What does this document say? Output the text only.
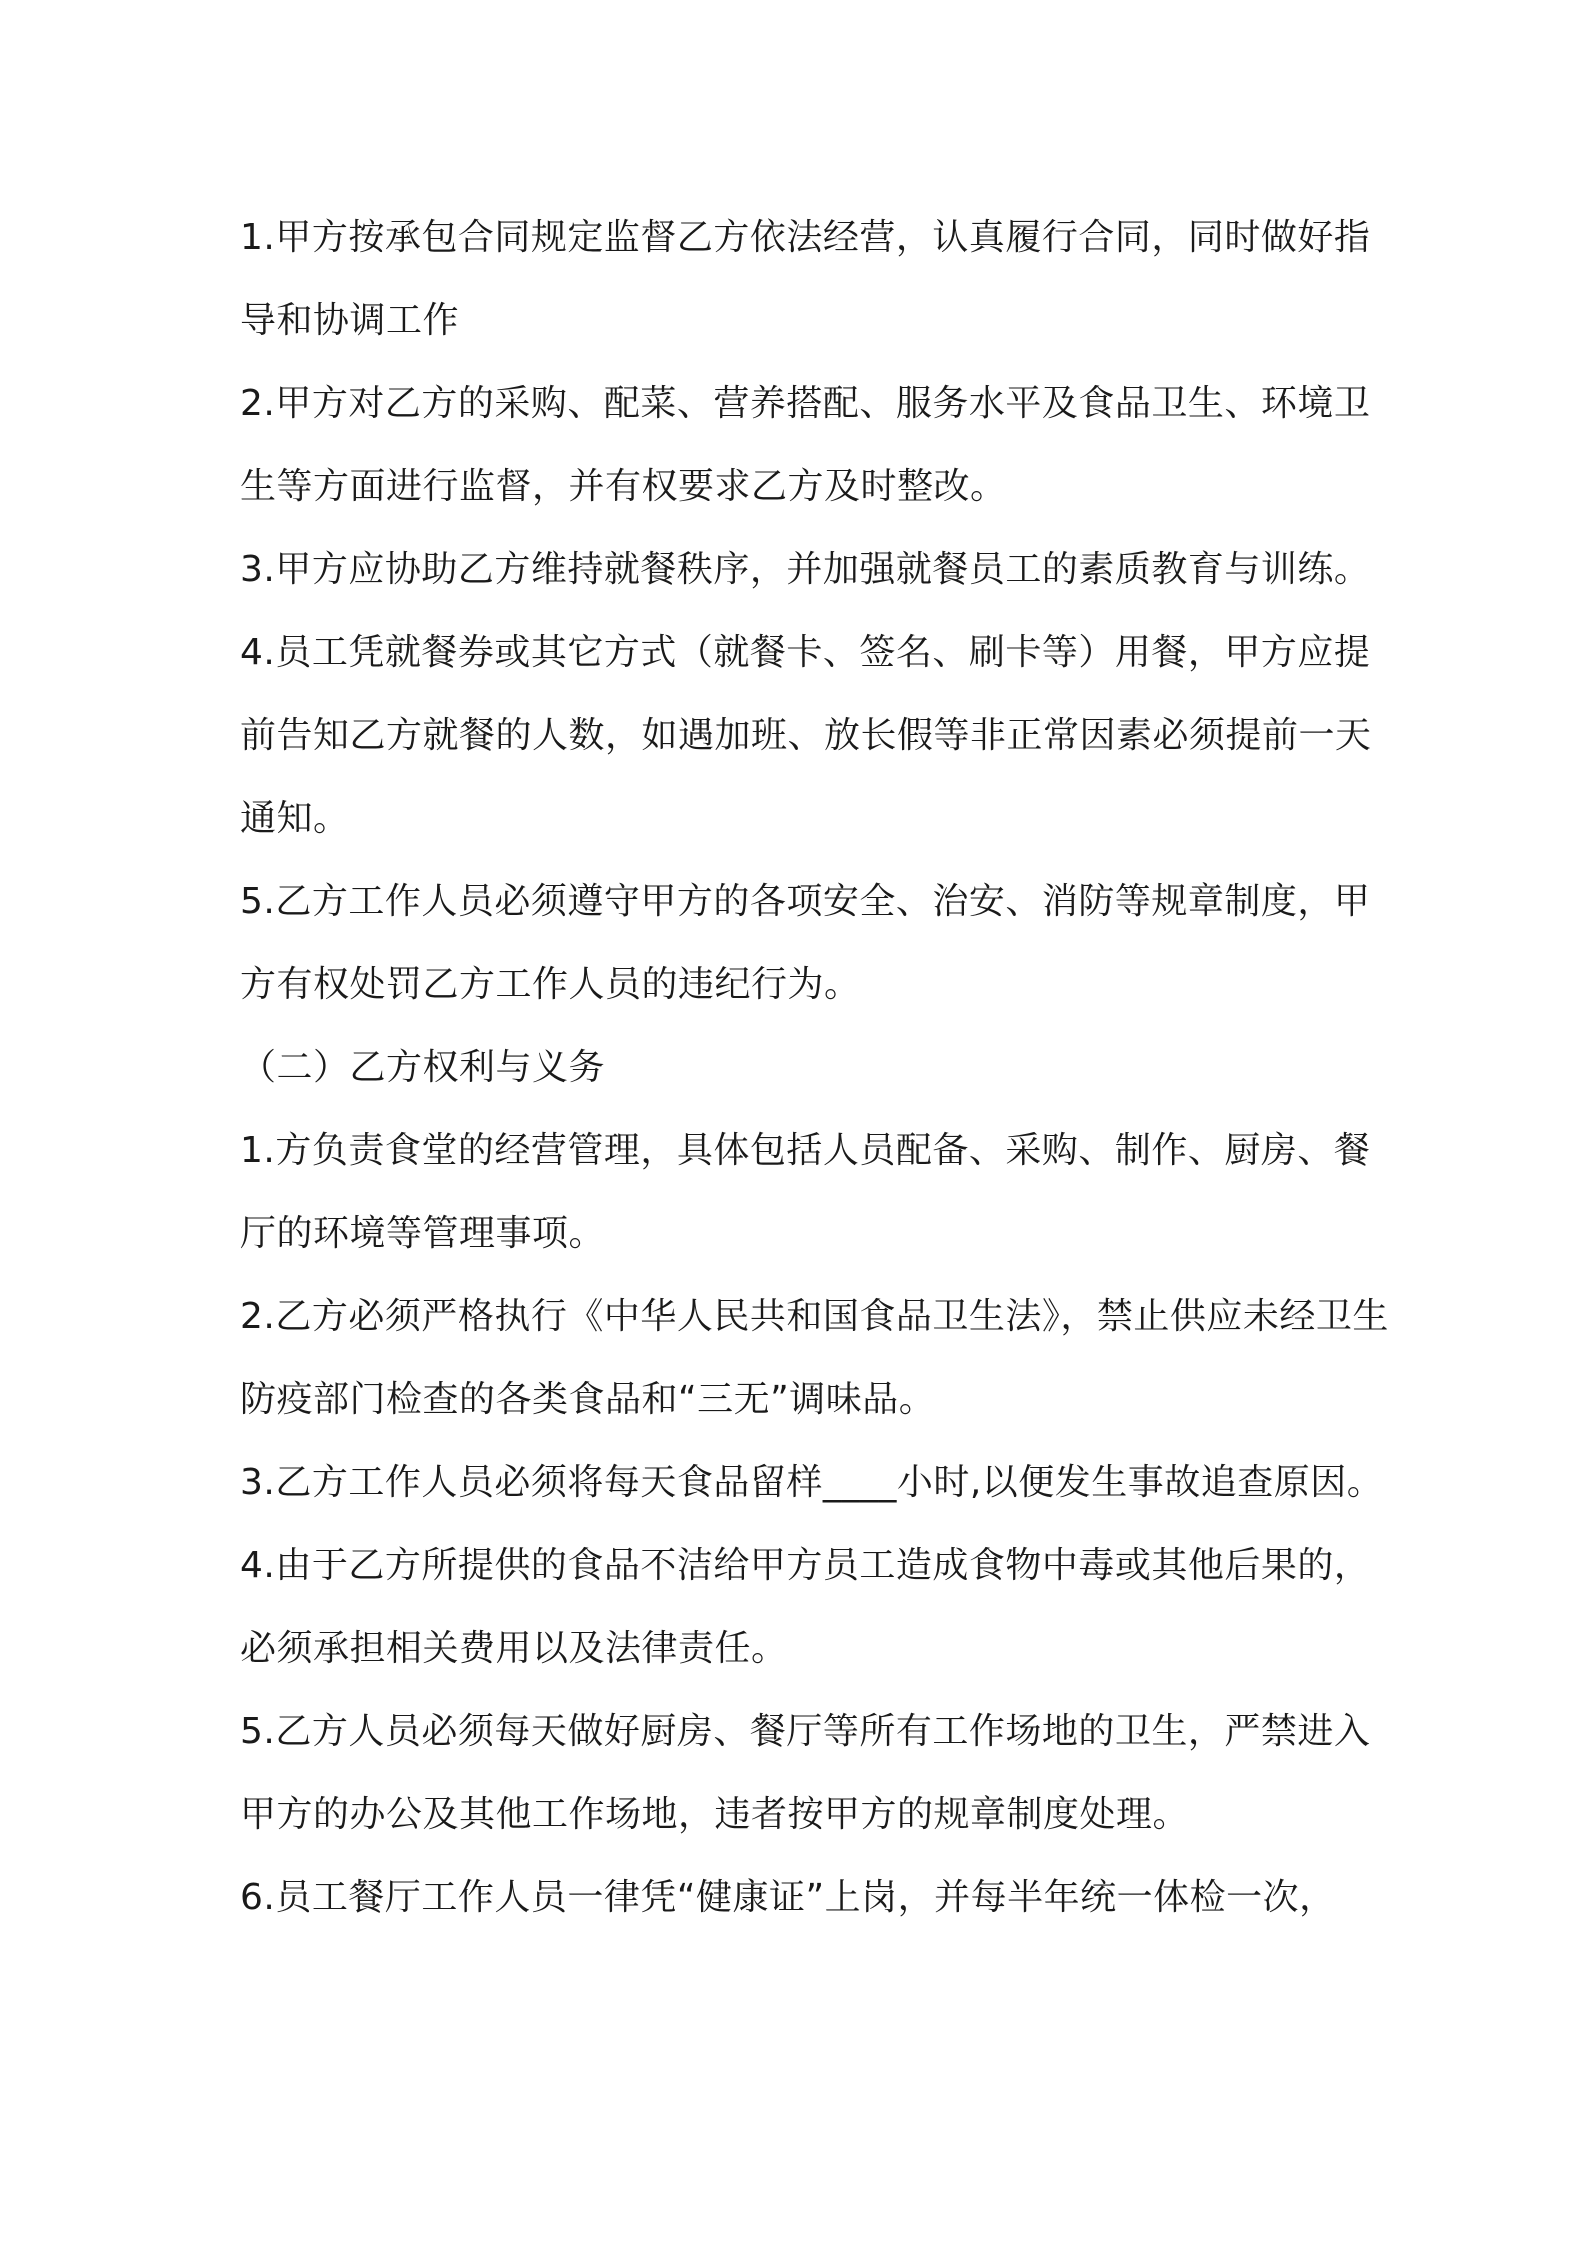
1.甲方按承包合同规定监督乙方依法经营，认真履行合同，同时做好指导和协调工作

2.甲方对乙方的采购、配菜、营养搭配、服务水平及食品卫生、环境卫生等方面进行监督，并有权要求乙方及时整改。

3.甲方应协助乙方维持就餐秩序，并加强就餐员工的素质教育与训练。

4.员工凭就餐券或其它方式（就餐卡、签名、刷卡等）用餐，甲方应提前告知乙方就餐的人数，如遇加班、放长假等非正常因素必须提前一天通知。

5.乙方工作人员必须遵守甲方的各项安全、治安、消防等规章制度，甲方有权处罚乙方工作人员的违纪行为。

（二）乙方权利与义务

1.方负责食堂的经营管理，具体包括人员配备、采购、制作、厨房、餐厅的环境等管理事项。

2.乙方必须严格执行《中华人民共和国食品卫生法》，禁止供应未经卫生防疫部门检查的各类食品和“三无”调味品。

3.乙方工作人员必须将每天食品留样____小时,以便发生事故追查原因。

4.由于乙方所提供的食品不洁给甲方员工造成食物中毒或其他后果的，必须承担相关费用以及法律责任。

5.乙方人员必须每天做好厨房、餐厅等所有工作场地的卫生，严禁进入甲方的办公及其他工作场地，违者按甲方的规章制度处理。

6.员工餐厅工作人员一律凭“健康证”上岗，并每半年统一体检一次，
